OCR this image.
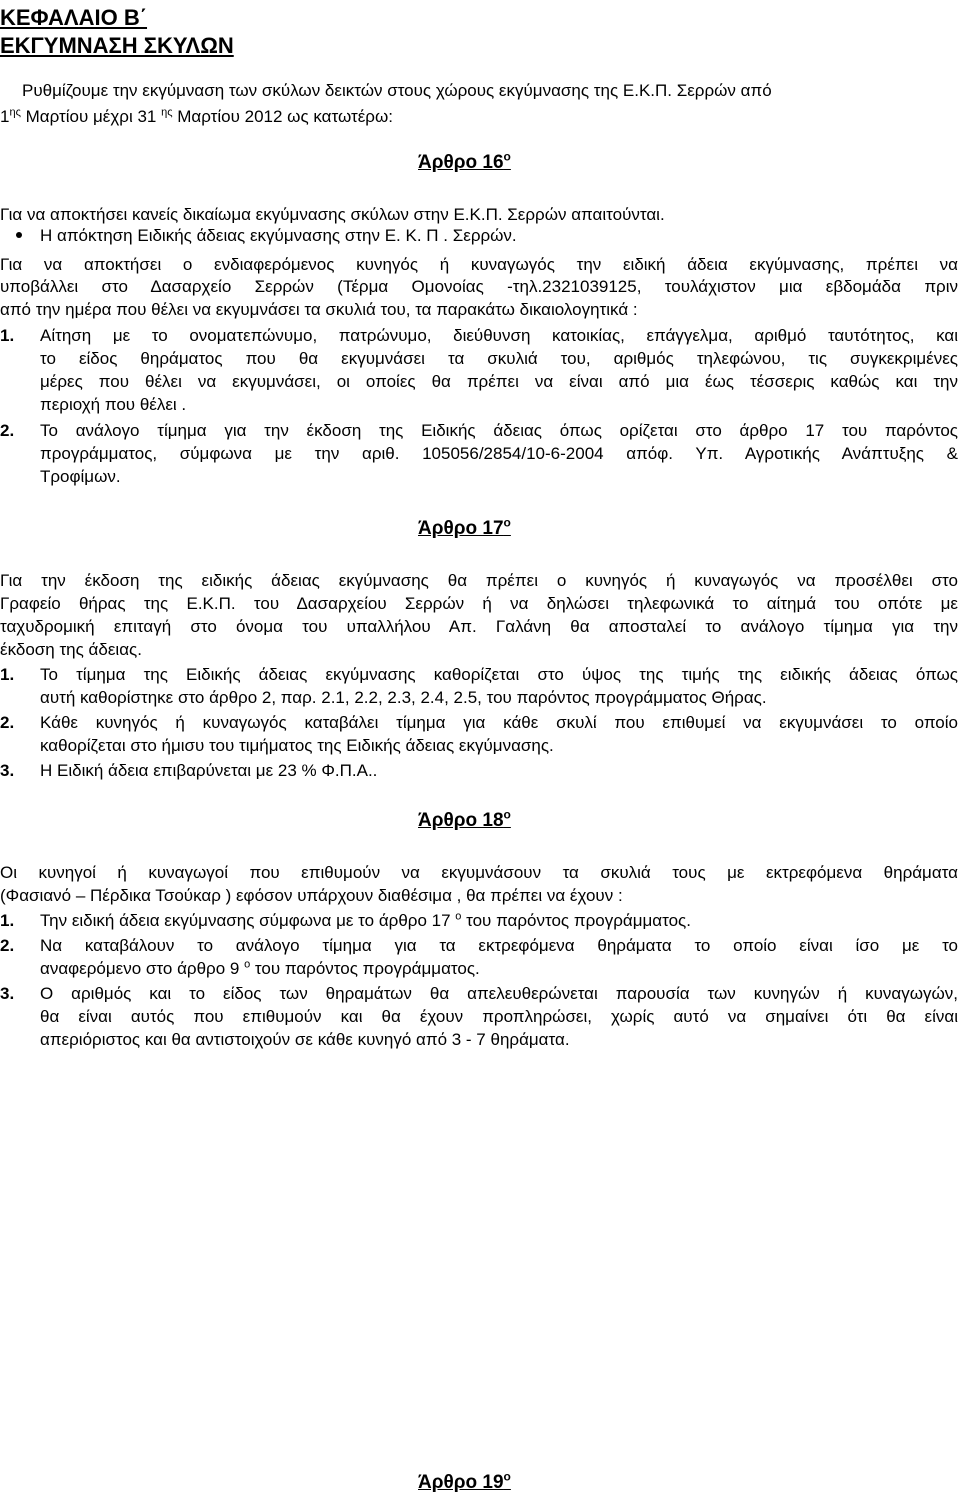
ΚΕΦΑΛΑΙΟ Β΄
ΕΚΓΥΜΝΑΣΗ ΣΚΥΛΩΝ
Ρυθμίζουμε την εκγύμναση των σκύλων δεικτών στους χώρους εκγύμνασης της Ε.Κ.Π. Σερρών από
$1^{\eta\varsigma}$ Μαρτίου μέχρι 31 $^{\eta\varsigma}$ Μαρτίου 2012 ως κατωτέρω:
Άρθρο $16^o$
Για να αποκτήσει κανείς δικαίωμα εκγύμνασης σκύλων στην Ε.Κ.Π. Σερρών απαιτούνται.
Η απόκτηση Ειδικής άδειας εκγύμνασης στην Ε. Κ. Π . Σερρών.
Για να αποκτήσει ο ενδιαφερόμενος κυνηγός ή κυναγωγός την ειδική άδεια εκγύμνασης, πρέπει να
υποβάλλει στο Δασαρχείο Σερρών (Τέρμα Ομονοίας -τηλ.2321039125, τουλάχιστον μια εβδομάδα πριν
από την ημέρα που θέλει να εκγυμνάσει τα σκυλιά του, τα παρακάτω δικαιολογητικά :
1. Αίτηση με το ονοματεπώνυμο, πατρώνυμο, διεύθυνση κατοικίας, επάγγελμα, αριθμό ταυτότητος, και
το είδος θηράματος που θα εκγυμνάσει τα σκυλιά του, αριθμός τηλεφώνου, τις συγκεκριμένες
μέρες που θέλει να εκγυμνάσει, οι οποίες θα πρέπει να είναι από μια έως τέσσερις καθώς και την
περιοχή που θέλει .
2. Το ανάλογο τίμημα για την έκδοση της Ειδικής άδειας όπως ορίζεται στο άρθρο 17 του παρόντος
προγράμματος, σύμφωνα με την αριθ. 105056/2854/10-6-2004 απόφ. Υπ. Αγροτικής Ανάπτυξης &
Τροφίμων.
Άρθρο $17^o$
Για την έκδοση της ειδικής άδειας εκγύμνασης θα πρέπει ο κυνηγός ή κυναγωγός να προσέλθει στο
Γραφείο θήρας της Ε.Κ.Π. του Δασαρχείου Σερρών ή να δηλώσει τηλεφωνικά το αίτημά του οπότε με
ταχυδρομική επιταγή στο όνομα του υπαλλήλου Απ. Γαλάνη θα αποσταλεί το ανάλογο τίμημα για την
έκδοση της άδειας.
1. Το τίμημα της Ειδικής άδειας εκγύμνασης καθορίζεται στο ύψος της τιμής της ειδικής άδειας όπως
αυτή καθορίστηκε στο άρθρο 2, παρ. 2.1, 2.2, 2.3, 2.4, 2.5, του παρόντος προγράμματος Θήρας.
2. Κάθε κυνηγός ή κυναγωγός καταβάλει τίμημα για κάθε σκυλί που επιθυμεί να εκγυμνάσει το οποίο
καθορίζεται στο ήμισυ του τιμήματος της Ειδικής άδειας εκγύμνασης.
3. Η Ειδική άδεια επιβαρύνεται με 23 % Φ.Π.Α..
Άρθρο $18^o$
Οι κυνηγοί ή κυναγωγοί που επιθυμούν να εκγυμνάσουν τα σκυλιά τους με εκτρεφόμενα θηράματα
(Φασιανό – Πέρδικα Τσούκαρ ) εφόσον υπάρχουν διαθέσιμα , θα πρέπει να έχουν :
1. Την ειδική άδεια εκγύμνασης σύμφωνα με το άρθρο 17 $^o$ του παρόντος προγράμματος.
2. Να καταβάλουν το ανάλογο τίμημα για τα εκτρεφόμενα θηράματα το οποίο είναι ίσο με το
αναφερόμενο στο άρθρο 9 $^o$ του παρόντος προγράμματος.
3. Ο αριθμός και το είδος των θηραμάτων θα απελευθερώνεται παρουσία των κυνηγών ή κυναγωγών,
θα είναι αυτός που επιθυμούν και θα έχουν προπληρώσει, χωρίς αυτό να σημαίνει ότι θα είναι
απεριόριστος και θα αντιστοιχούν σε κάθε κυνηγό από 3 - 7 θηράματα.
Άρθρο $19^o$
